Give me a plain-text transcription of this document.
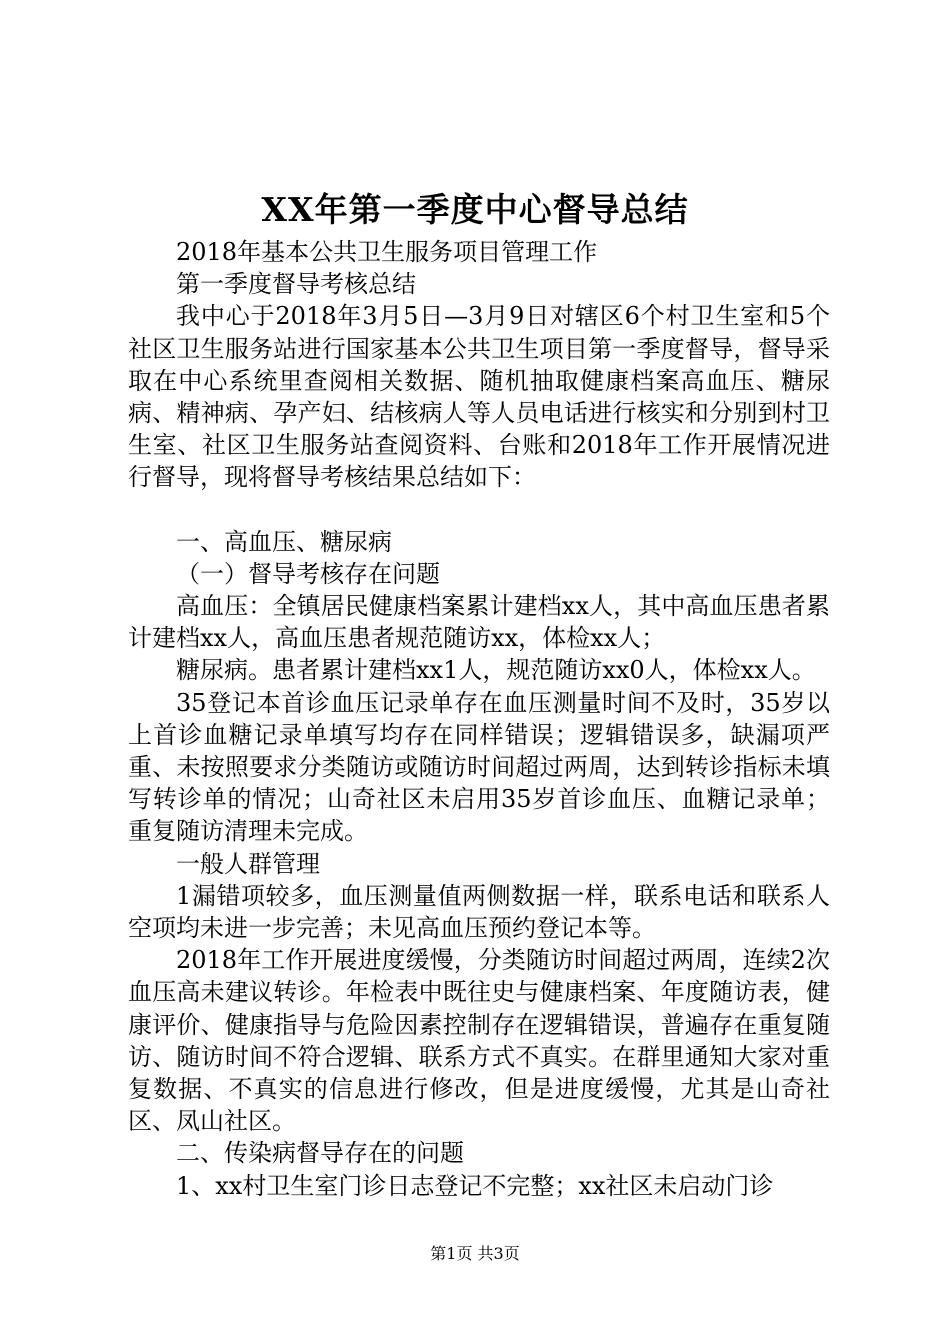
XX年第一季度中心督导总结

2018年基本公共卫生服务项目管理工作

第一季度督导考核总结

我中心于2018年3月5日—3月9日对辖区6个村卫生室和5个社区卫生服务站进行国家基本公共卫生项目第一季度督导，督导采取在中心系统里查阅相关数据、随机抽取健康档案高血压、糖尿病、精神病、孕产妇、结核病人等人员电话进行核实和分别到村卫生室、社区卫生服务站查阅资料、台账和2018年工作开展情况进行督导，现将督导考核结果总结如下：

一、高血压、糖尿病

（一）督导考核存在问题

高血压：全镇居民健康档案累计建档xx人，其中高血压患者累计建档xx人，高血压患者规范随访xx，体检xx人；

糖尿病。患者累计建档xx1人，规范随访xx0人，体检xx人。

35登记本首诊血压记录单存在血压测量时间不及时，35岁以上首诊血糖记录单填写均存在同样错误；逻辑错误多，缺漏项严重、未按照要求分类随访或随访时间超过两周，达到转诊指标未填写转诊单的情况；山奇社区未启用35岁首诊血压、血糖记录单；重复随访清理未完成。

一般人群管理

1漏错项较多，血压测量值两侧数据一样，联系电话和联系人空项均未进一步完善；未见高血压预约登记本等。

2018年工作开展进度缓慢，分类随访时间超过两周，连续2次血压高未建议转诊。年检表中既往史与健康档案、年度随访表，健康评价、健康指导与危险因素控制存在逻辑错误，普遍存在重复随访、随访时间不符合逻辑、联系方式不真实。在群里通知大家对重复数据、不真实的信息进行修改，但是进度缓慢，尤其是山奇社区、凤山社区。

二、传染病督导存在的问题

1、xx村卫生室门诊日志登记不完整；xx社区未启动门诊

第1页 共3页
